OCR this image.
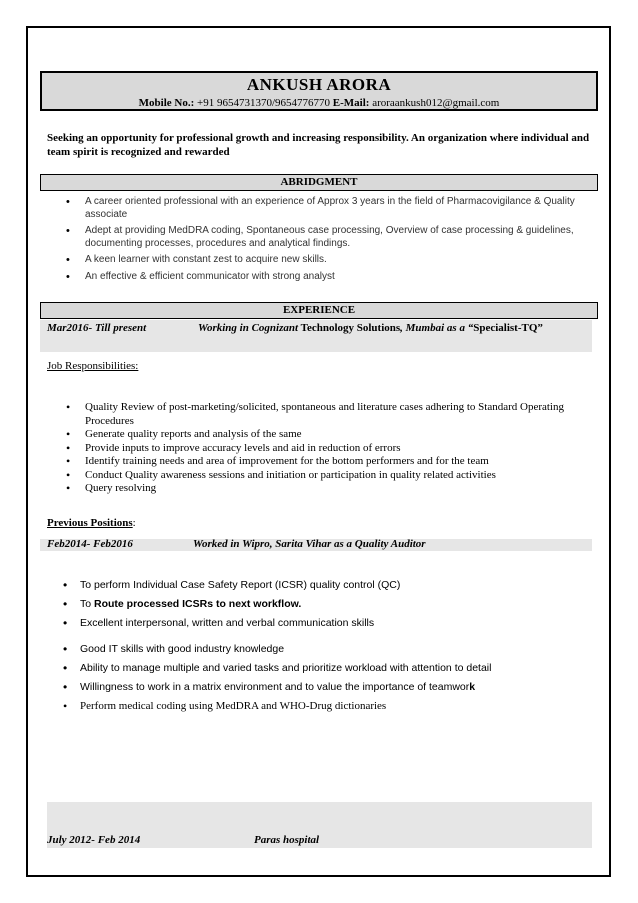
ANKUSH ARORA
Mobile No.: +91 9654731370/9654776770 E-Mail: aroraankush012@gmail.com
Seeking an opportunity for professional growth and increasing responsibility. An organization where individual and team spirit is recognized and rewarded
ABRIDGMENT
• A career oriented professional with an experience of Approx 3 years in the field of Pharmacovigilance & Quality associate
• Adept at providing MedDRA coding, Spontaneous case processing, Overview of case processing & guidelines, documenting processes, procedures and analytical findings.
• A keen learner with constant zest to acquire new skills.
• An effective & efficient communicator with strong analyst
EXPERIENCE
Mar2016- Till present	Working in Cognizant Technology Solutions, Mumbai as a “Specialist-TQ”
Job Responsibilities:
• Quality Review of post-marketing/solicited, spontaneous and literature cases adhering to Standard Operating Procedures
• Generate quality reports and analysis of the same
• Provide inputs to improve accuracy levels and aid in reduction of errors
• Identify training needs and area of improvement for the bottom performers and for the team
• Conduct Quality awareness sessions and initiation or participation in quality related activities
• Query resolving
Previous Positions:
Feb2014- Feb2016	Worked in Wipro, Sarita Vihar as a Quality Auditor
• To perform Individual Case Safety Report (ICSR) quality control (QC)
• To Route processed ICSRs to next workflow.
• Excellent interpersonal, written and verbal communication skills
• Good IT skills with good industry knowledge
• Ability to manage multiple and varied tasks and prioritize workload with attention to detail
• Willingness to work in a matrix environment and to value the importance of teamwork
• Perform medical coding using MedDRA and WHO-Drug dictionaries
July 2012- Feb 2014	Paras hospital
